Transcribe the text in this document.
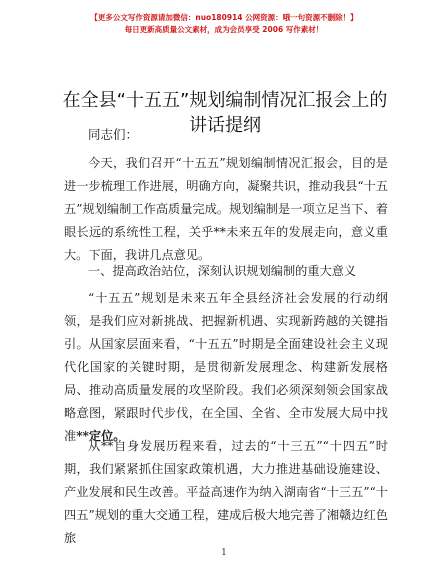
【更多公文写作资源请加微信：nuo180914 公网资源：哦一句资源不删除！】
每日更新高质量公文素材，成为会员享受 2006 写作素材！
在全县“十五五”规划编制情况汇报会上的讲话提纲
同志们：

今天，我们召开“十五五”规划编制情况汇报会，目的是进一步梳理工作进展，明确方向，凝聚共识，推动我县“十五五”规划编制工作高质量完成。规划编制是一项立足当下、着眼长远的系统性工程，关乎**未来五年的发展走向，意义重大。下面，我讲几点意见。

一、提高政治站位，深刻认识规划编制的重大意义

“十五五”规划是未来五年全县经济社会发展的行动纲领，是我们应对新挑战、把握新机遇、实现新跨越的关键指引。从国家层面来看，“十五五”时期是全面建设社会主义现代化国家的关键时期，是贯彻新发展理念、构建新发展格局、推动高质量发展的攻坚阶段。我们必须深刻领会国家战略意图，紧跟时代步伐，在全国、全省、全市发展大局中找准**定位。

从**自身发展历程来看，过去的“十三五”“十四五”时期，我们紧紧抓住国家政策机遇，大力推进基础设施建设、产业发展和民生改善。平益高速作为纳入湖南省“十三五”“十四五”规划的重大交通工程，建成后极大地完善了湘赣边红色旅

1
